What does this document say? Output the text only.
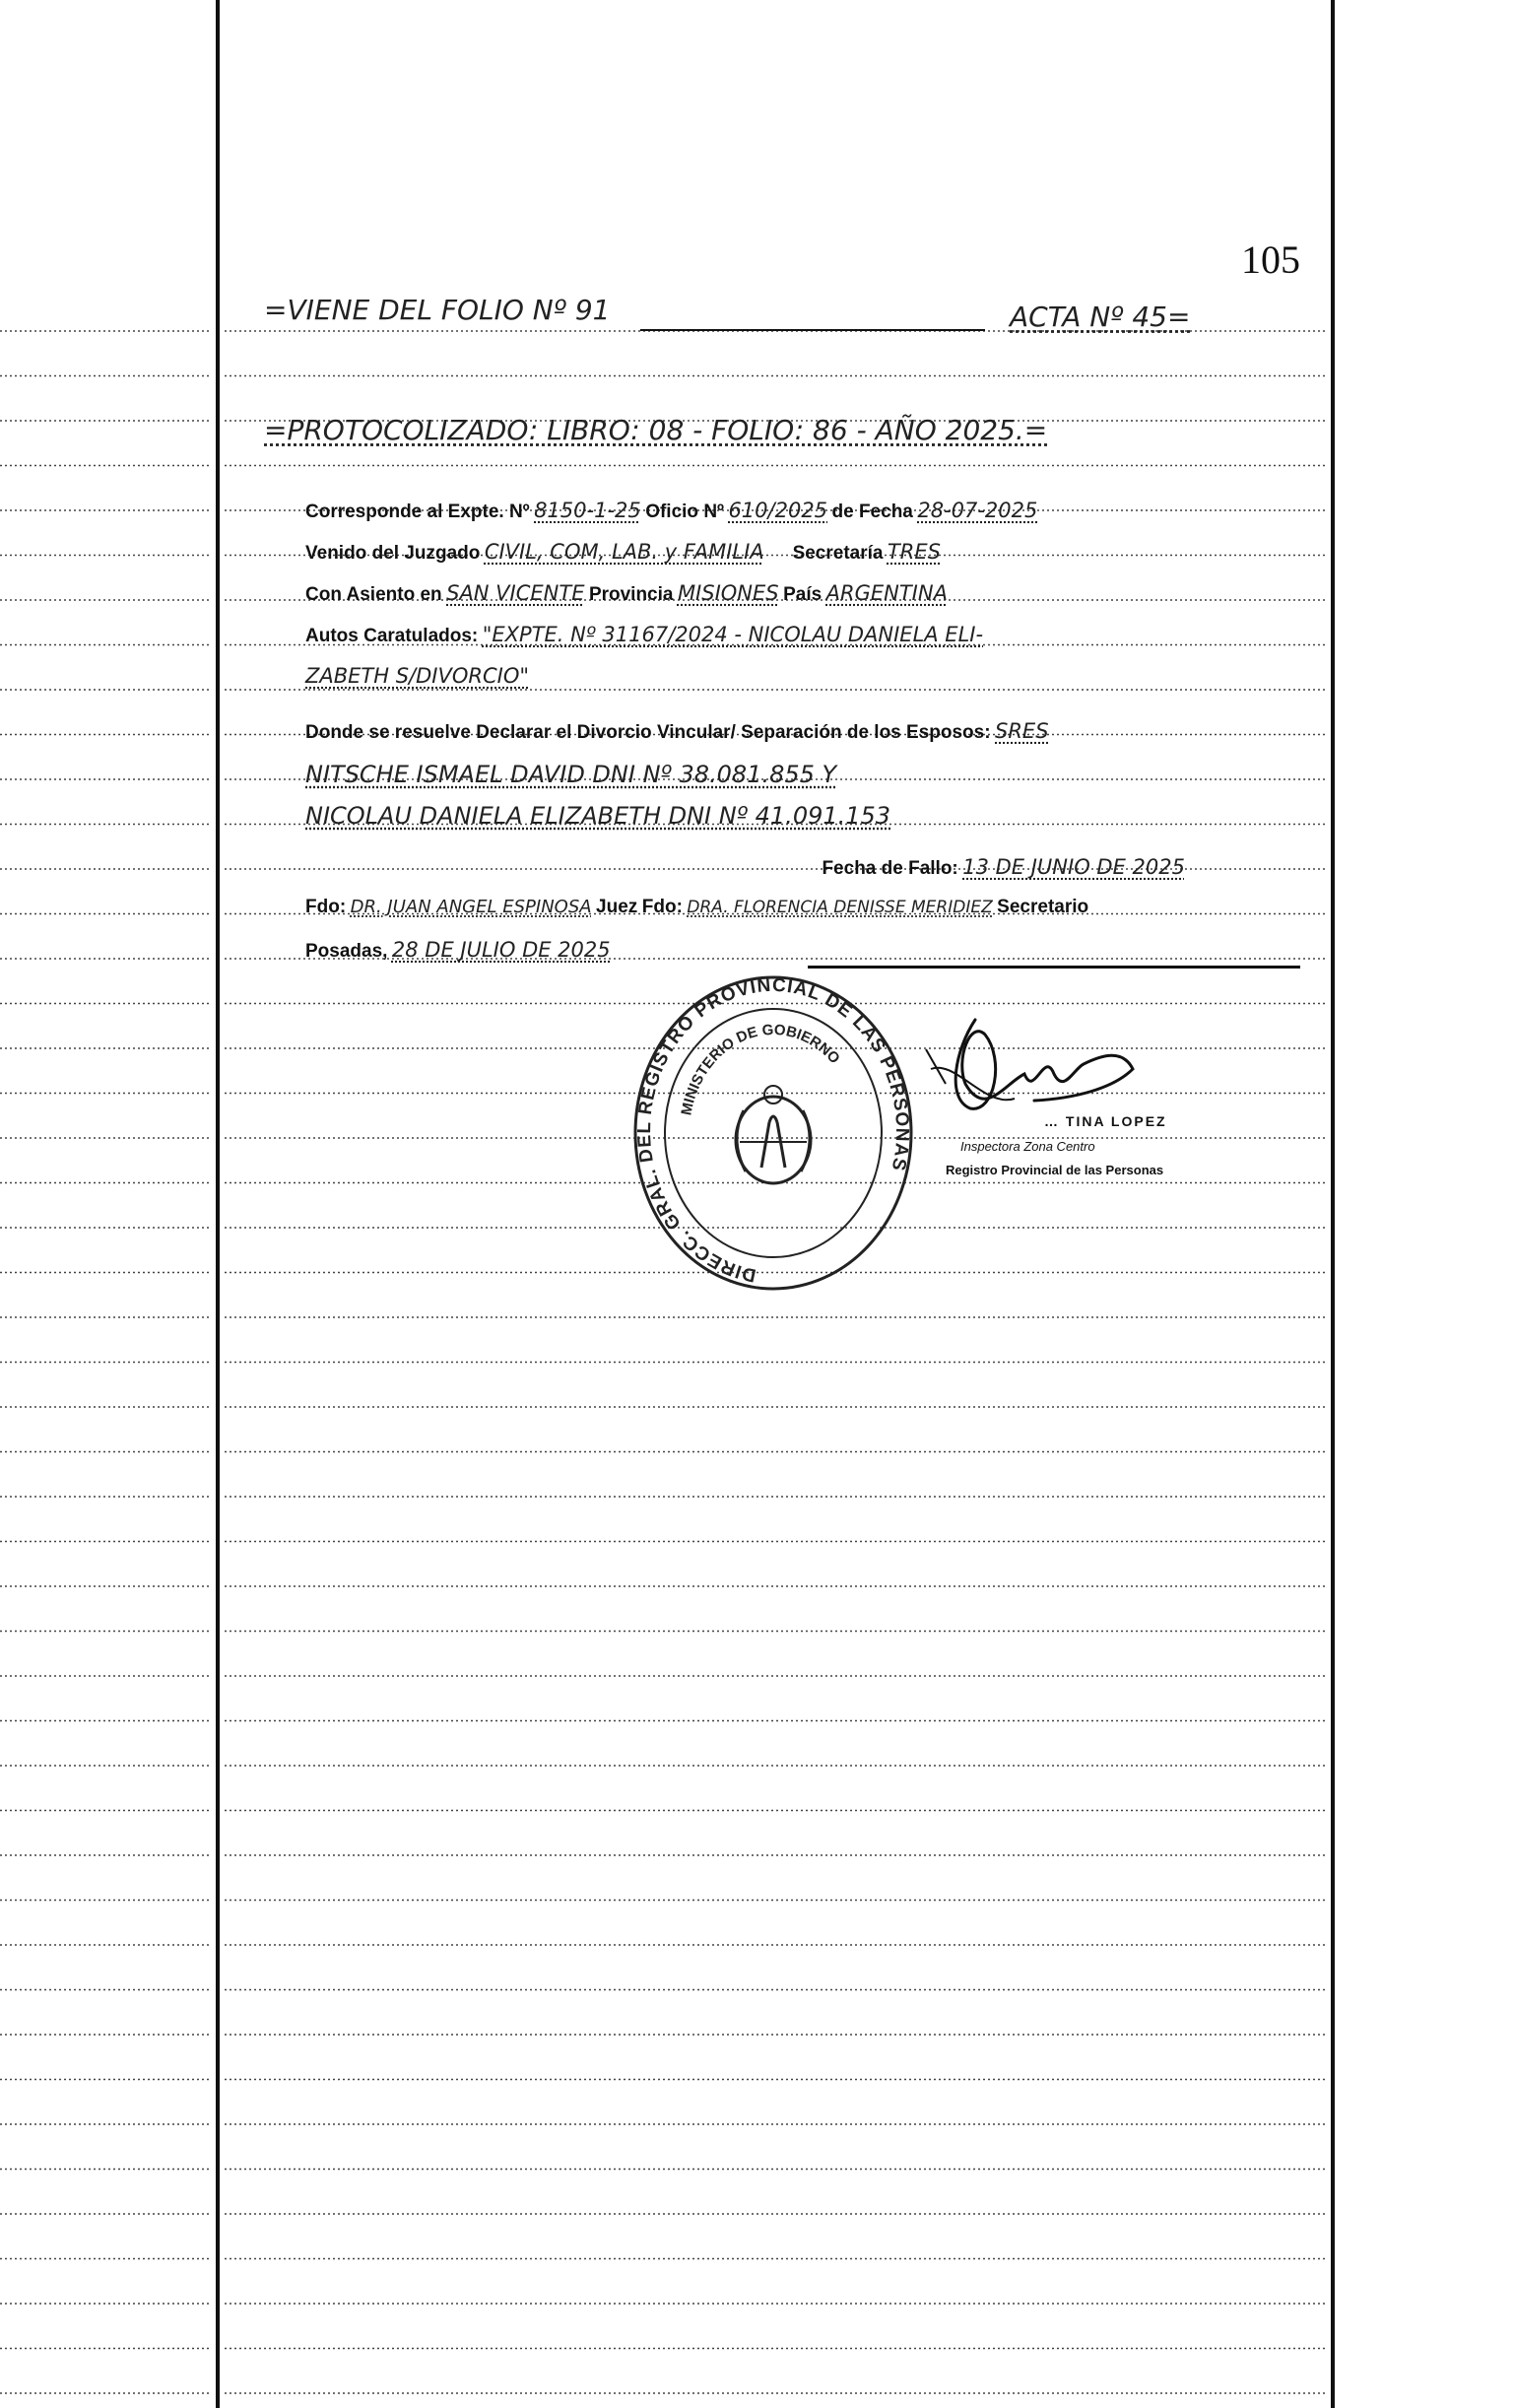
105
=VIENE DEL FOLIO Nº 91	ACTA Nº 45=
=PROTOCOLIZADO: LIBRO: 08 - FOLIO: 86 - AÑO 2025.=
Corresponde al Expte. Nº 8150-1-25 Oficio Nº 610/2025 de Fecha 28-07-2025
Venido del Juzgado CIVIL, COM, LAB. y FAMILIA Secretaría TRES
Con Asiento en SAN VICENTE Provincia MISIONES País ARGENTINA
Autos Caratulados: "EXPTE. Nº 31167/2024 - NICOLAU DANIELA ELI-
ZABETH S/DIVORCIO"
Donde se resuelve Declarar el Divorcio Vincular/ Separación de los Esposos: SRES
NITSCHE ISMAEL DAVID DNI Nº 38.081.855 Y
NICOLAU DANIELA ELIZABETH DNI Nº 41.091.153
Fecha de Fallo: 13 DE JUNIO DE 2025
Fdo: DR. JUAN ANGEL ESPINOSA Juez Fdo: DRA. FLORENCIA DENISSE MERIDIEZ Secretario
Posadas, 28 DE JULIO DE 2025
DIRECC. GRAL. DEL REGISTRO PROVINCIAL DE LAS PERSONAS
MINISTERIO DE GOBIERNO
… TINA LOPEZ
Inspectora Zona Centro
Registro Provincial de las Personas
